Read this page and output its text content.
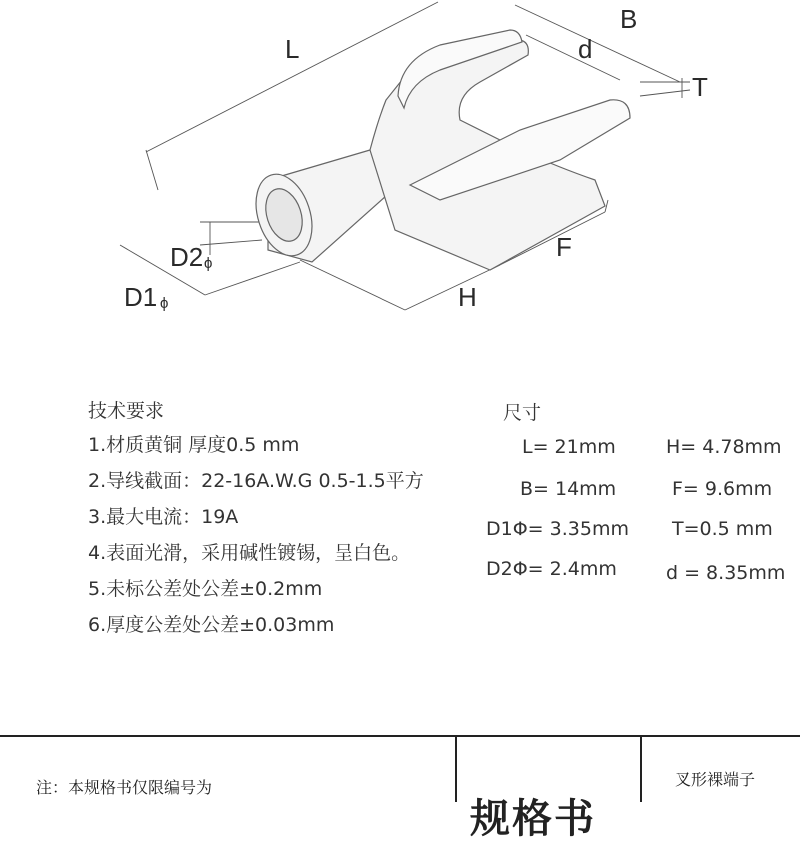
L
B
d
T
F
H
D2 ϕ
D1 ϕ
技术要求
1.材质黄铜 厚度0.5 mm
2.导线截面：22-16A.W.G 0.5-1.5平方
3.最大电流：19A
4.表面光滑，采用碱性镀锡，呈白色。
5.未标公差处公差±0.2mm
6.厚度公差处公差±0.03mm
尺寸
L= 21mm
B= 14mm
D1Φ= 3.35mm
D2Φ= 2.4mm
H= 4.78mm
F= 9.6mm
T=0.5 mm
d = 8.35mm
注：本规格书仅限编号为
规格书
叉形裸端子
